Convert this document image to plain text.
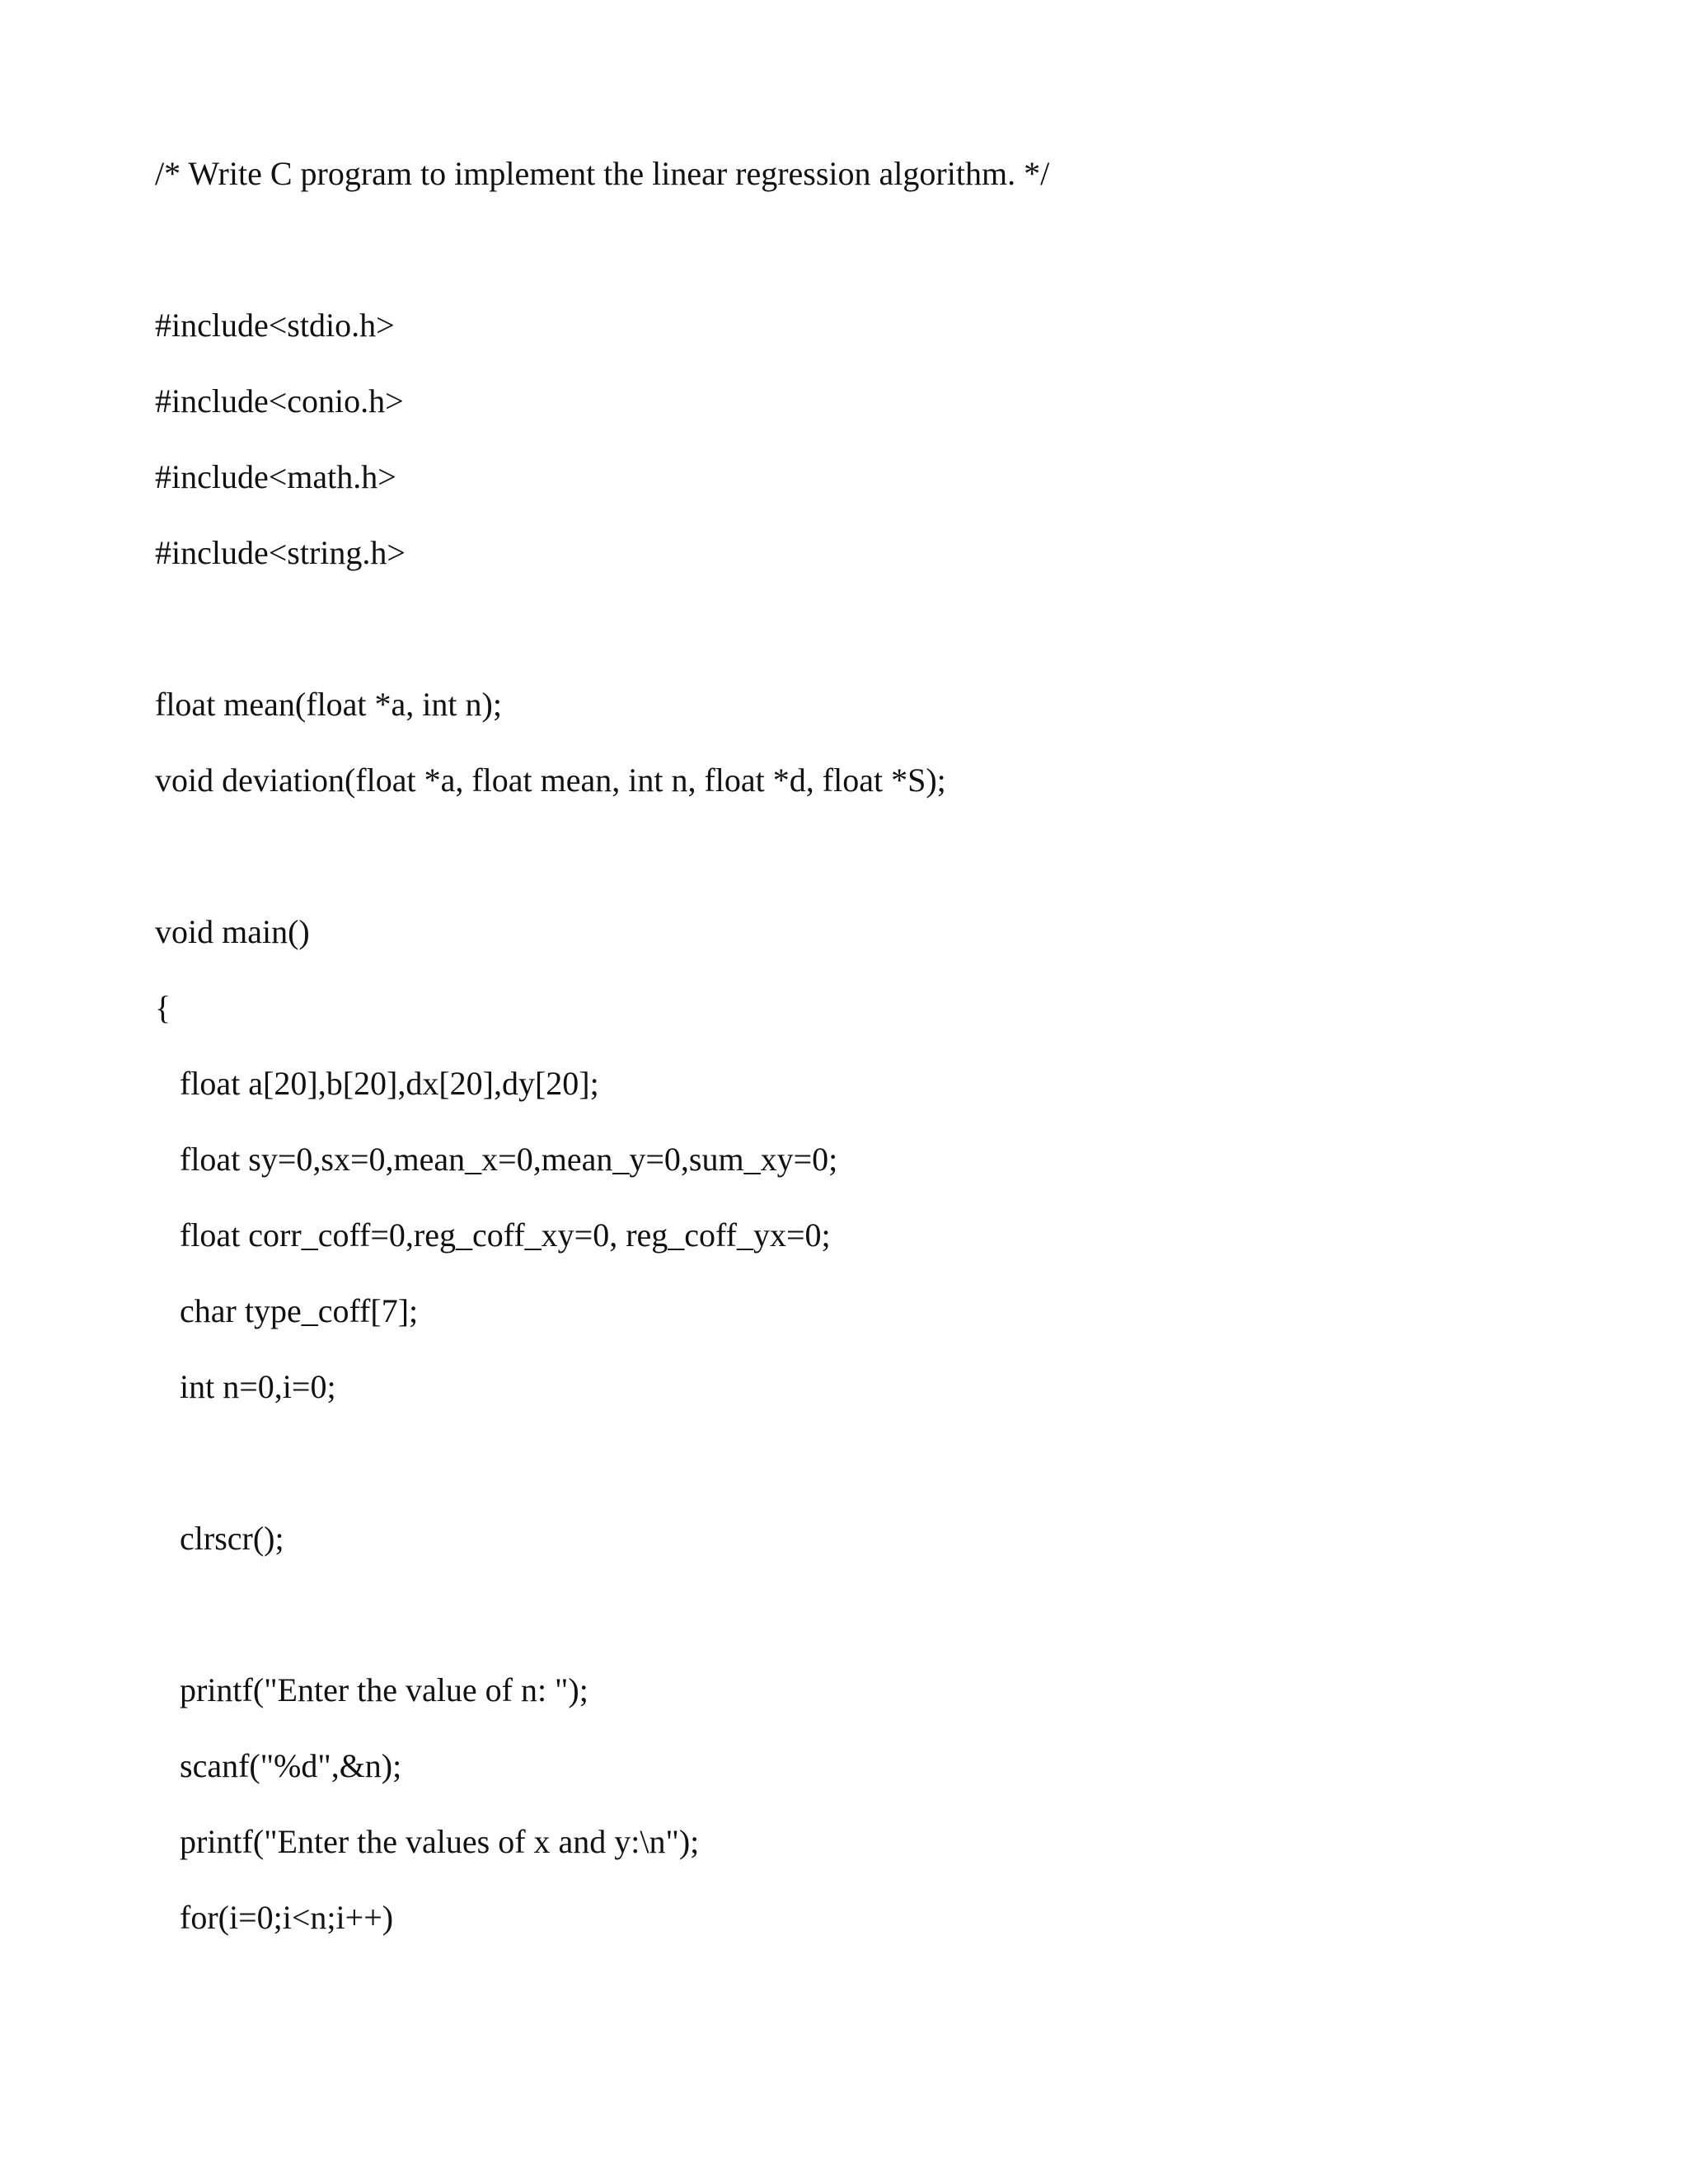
/* Write C program to implement the linear regression algorithm. */

#include<stdio.h>

#include<conio.h>

#include<math.h>

#include<string.h>

float mean(float *a, int n);

void deviation(float *a, float mean, int n, float *d, float *S);

void main()

{

float a[20],b[20],dx[20],dy[20];

float sy=0,sx=0,mean_x=0,mean_y=0,sum_xy=0;

float corr_coff=0,reg_coff_xy=0, reg_coff_yx=0;

char type_coff[7];

int n=0,i=0;

clrscr();

printf("Enter the value of n: ");

scanf("%d",&n);

printf("Enter the values of x and y:\n");

for(i=0;i<n;i++)
